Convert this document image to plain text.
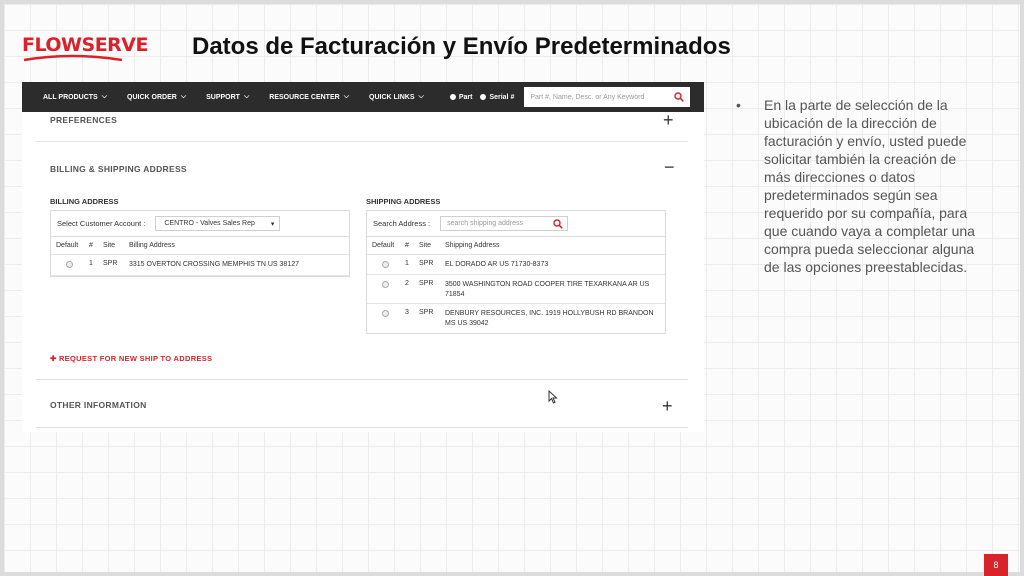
FLOWSERVE Datos de Facturación y Envío Predeterminados
ALL PRODUCTS ⌵	QUICK ORDER ⌵	SUPPORT ⌵	RESOURCE CENTER ⌵	QUICK LINKS ⌵	Part Serial # Part #, Name, Desc. or Any Keyword
PREFERENCES	+
BILLING & SHIPPING ADDRESS	−
BILLING ADDRESS	SHIPPING ADDRESS
Select Customer Account :	CENTRO - Valves Sales Rep ▾
Default	#	Site	Billing Address
1	SPR	3315 OVERTON CROSSING MEMPHIS TN US 38127
Search Address : search shipping address
Default	#	Site	Shipping Address
1	SPR	EL DORADO AR US 71730-8373
2	SPR	3500 WASHINGTON ROAD COOPER TIRE TEXARKANA AR US 71854
3	SPR	DENBURY RESOURCES, INC. 1919 HOLLYBUSH RD BRANDON MS US 39042
✚ REQUEST FOR NEW SHIP TO ADDRESS
OTHER INFORMATION	+
• En la parte de selección de la ubicación de la dirección de facturación y envío, usted puede solicitar también la creación de más direcciones o datos predeterminados según sea requerido por su compañía, para que cuando vaya a completar una compra pueda seleccionar alguna de las opciones preestablecidas.
8
